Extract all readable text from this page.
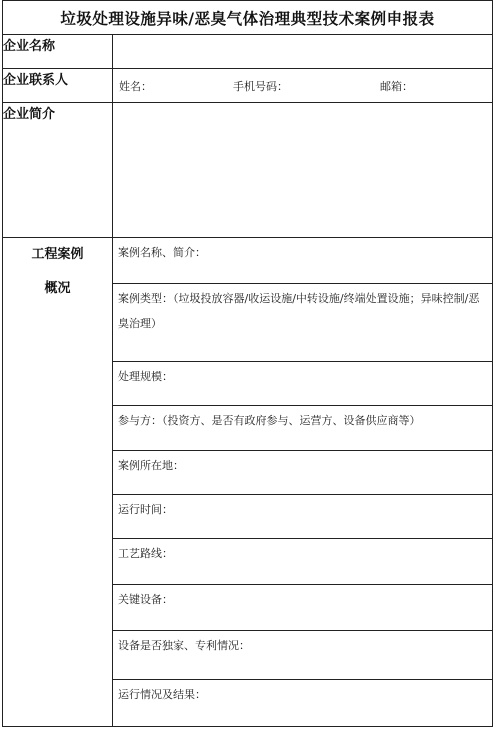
垃圾处理设施异味/恶臭气体治理典型技术案例申报表
企业名称	
企业联系人	姓名： 手机号码： 邮箱：

企业简介	

工程案例
概况	案例名称、简介：

	案例类型：（垃圾投放容器/收运设施/中转设施/终端处置设施；异味控制/恶臭治理）

	处理规模：

	参与方：（投资方、是否有政府参与、运营方、设备供应商等）

	案例所在地：

	运行时间：

	工艺路线：

	关键设备：

	设备是否独家、专利情况：

	运行情况及结果：
